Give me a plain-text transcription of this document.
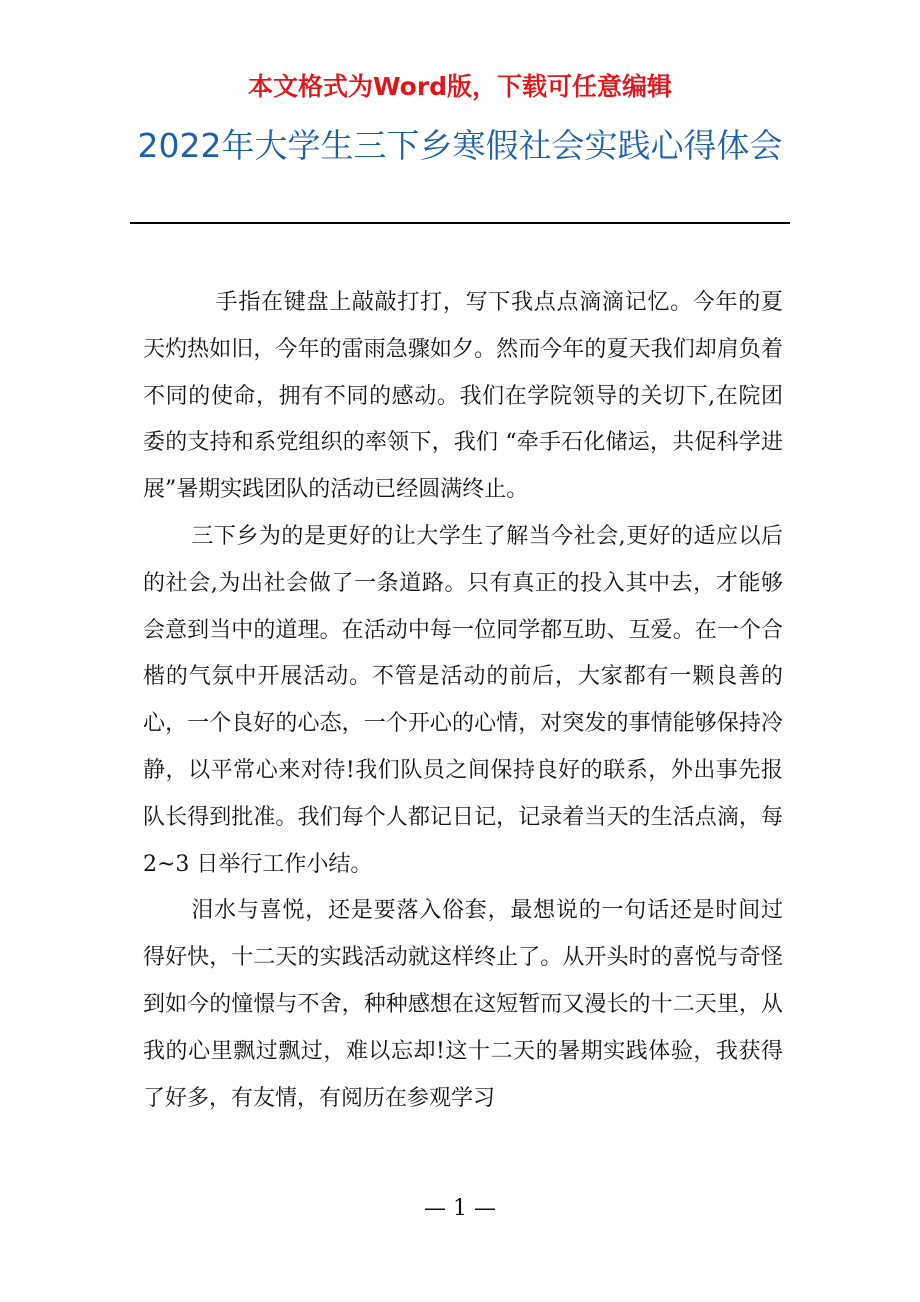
本文格式为Word版，下载可任意编辑
2022年大学生三下乡寒假社会实践心得体会

手指在键盘上敲敲打打，写下我点点滴滴记忆。今年的夏天灼热如旧，今年的雷雨急骤如夕。然而今年的夏天我们却肩负着不同的使命，拥有不同的感动。我们在学院领导的关切下,在院团委的支持和系党组织的率领下，我们 “牵手石化储运，共促科学进展”暑期实践团队的活动已经圆满终止。

三下乡为的是更好的让大学生了解当今社会,更好的适应以后的社会,为出社会做了一条道路。只有真正的投入其中去，才能够会意到当中的道理。在活动中每一位同学都互助、互爱。在一个合楷的气氛中开展活动。不管是活动的前后，大家都有一颗良善的心，一个良好的心态，一个开心的心情，对突发的事情能够保持冷静，以平常心来对待!我们队员之间保持良好的联系，外出事先报队长得到批准。我们每个人都记日记，记录着当天的生活点滴，每 2~3 日举行工作小结。

泪水与喜悦，还是要落入俗套，最想说的一句话还是时间过得好快，十二天的实践活动就这样终止了。从开头时的喜悦与奇怪到如今的憧憬与不舍，种种感想在这短暂而又漫长的十二天里，从我的心里飘过飘过，难以忘却!这十二天的暑期实践体验，我获得了好多，有友情，有阅历在参观学习

— 1 —
